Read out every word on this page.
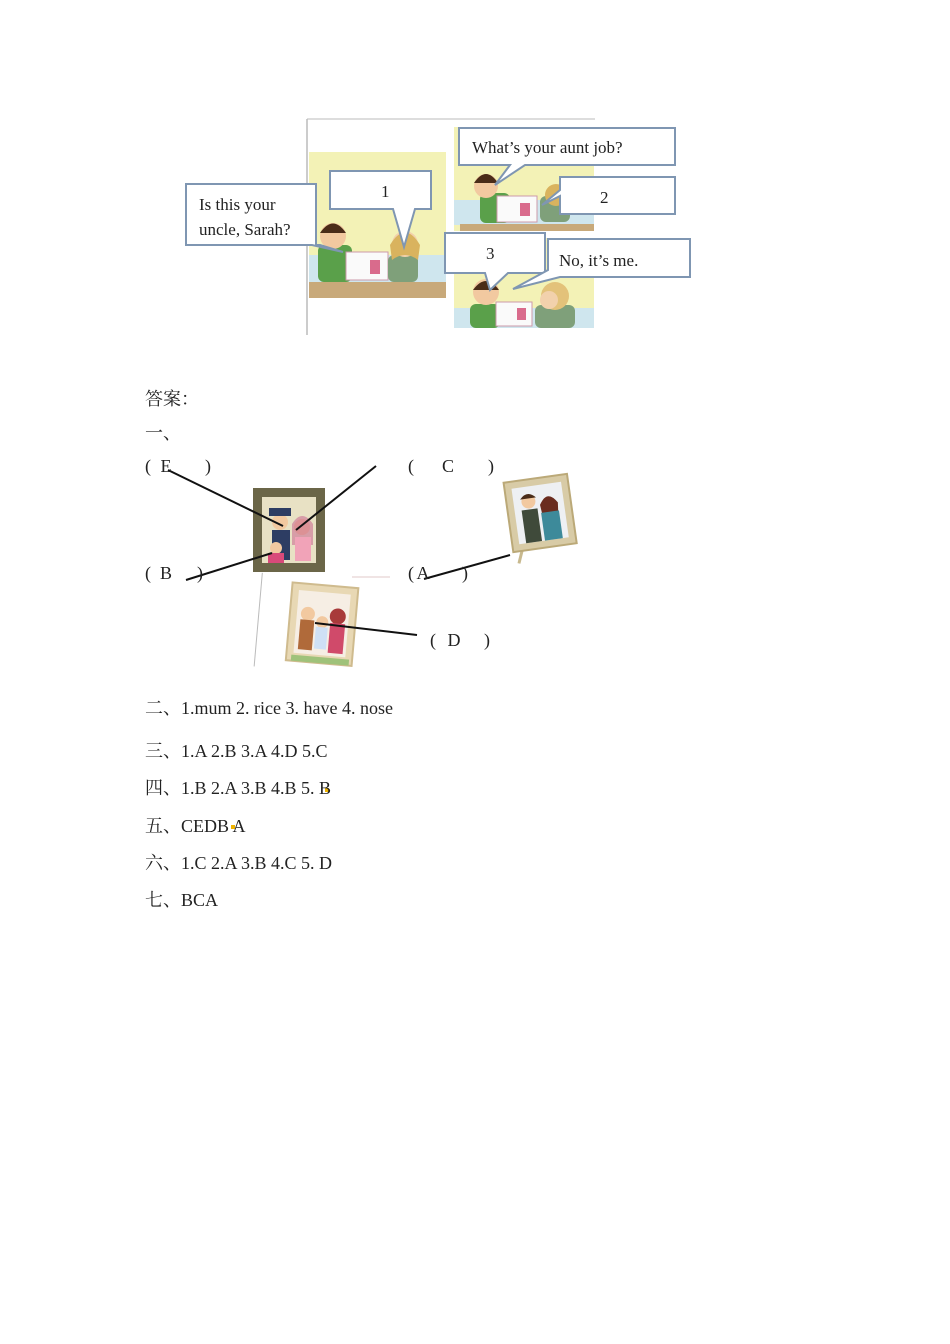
Is this your
uncle, Sarah?
1
What’s your aunt job?
2
3	No, it’s me.
答案：
一、
( E )	( C )
( B )	( A )
( D )
二、1.mum 2. rice 3. have 4. nose
三、1.A 2.B 3.A 4.D 5.C
四、1.B 2.A 3.B 4.B 5. B
五、CEDB A
六、1.C 2.A 3.B 4.C 5. D
七、BCA
